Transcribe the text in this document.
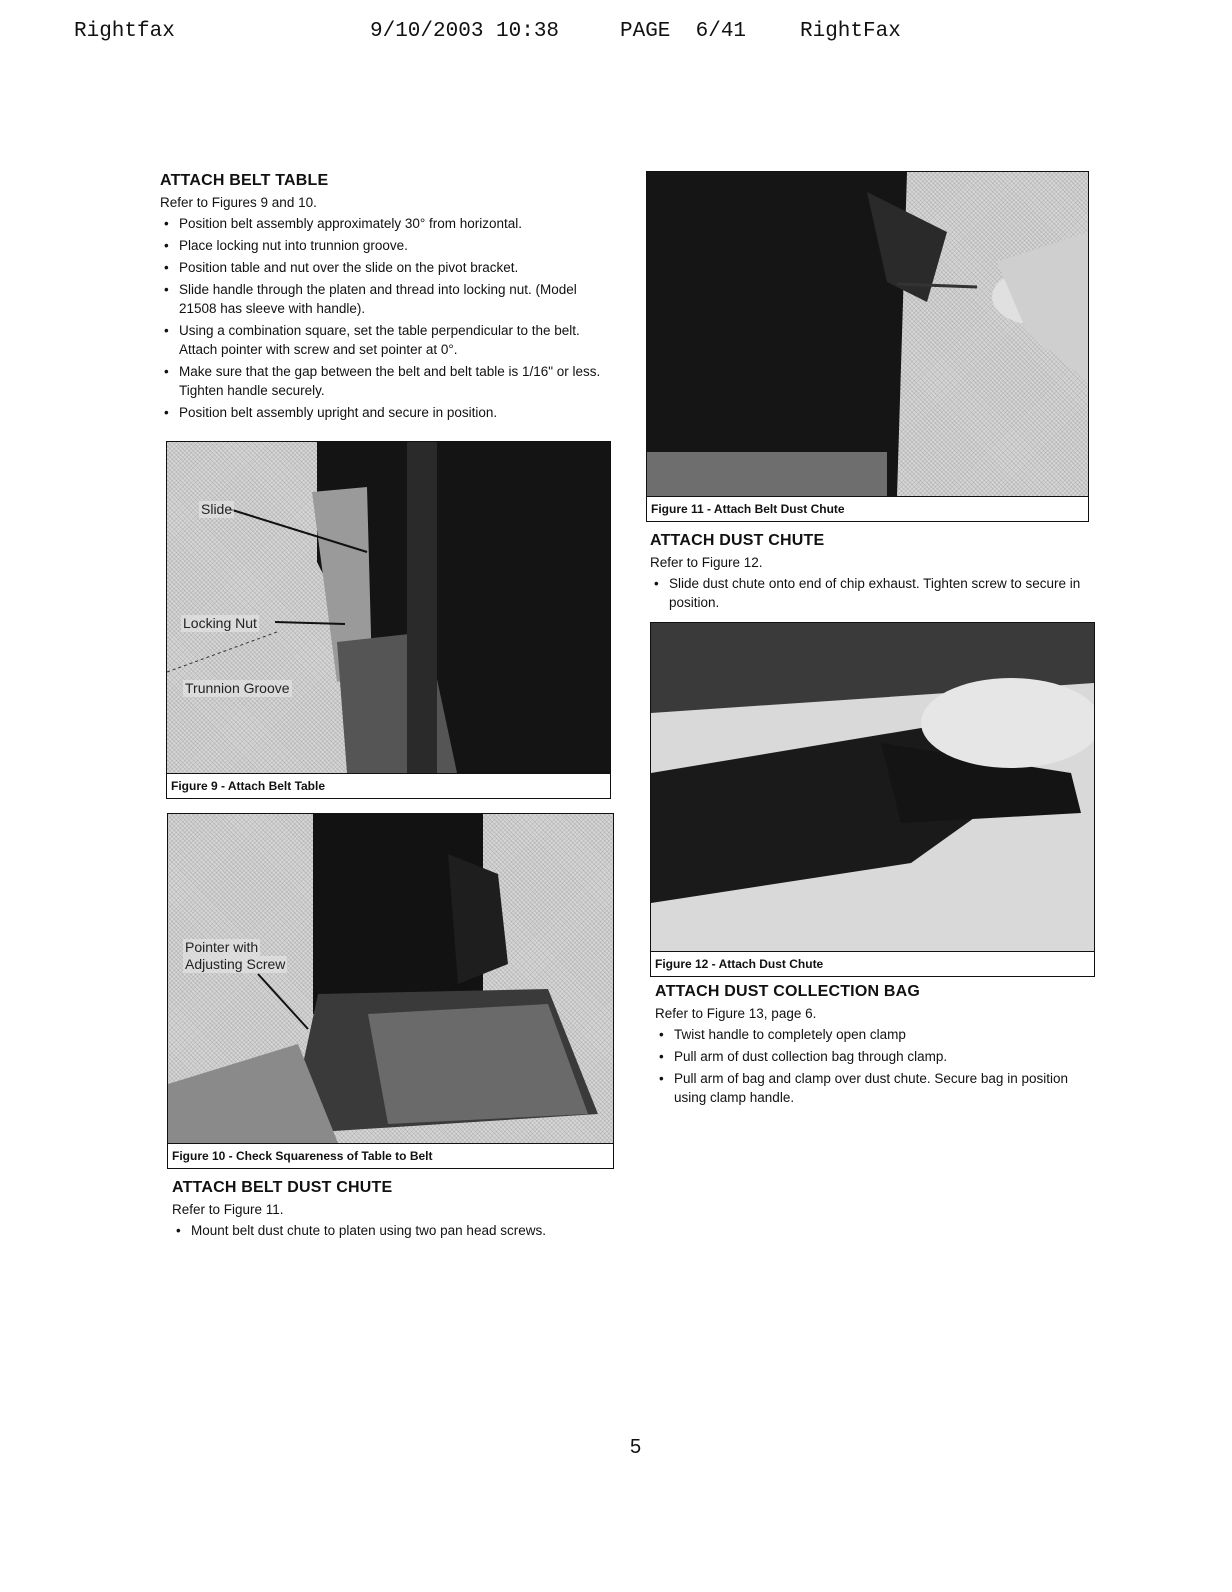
Rightfax	9/10/2003 10:38	PAGE  6/41	RightFax
ATTACH BELT TABLE

Refer to Figures 9 and 10.

• Position belt assembly approximately 30° from horizontal.
• Place locking nut into trunnion groove.
• Position table and nut over the slide on the pivot bracket.
• Slide handle through the platen and thread into locking nut. (Model 21508 has sleeve with handle).
• Using a combination square, set the table perpendicular to the belt. Attach pointer with screw and set pointer at 0°.
• Make sure that the gap between the belt and belt table is 1/16" or less. Tighten handle securely.
• Position belt assembly upright and secure in position.
Slide
Locking Nut
Trunnion Groove
Figure 9 - Attach Belt Table
Pointer with
Adjusting Screw
Figure 10 - Check Squareness of Table to Belt
ATTACH BELT DUST CHUTE

Refer to Figure 11.

• Mount belt dust chute to platen using two pan head screws.
Figure 11 - Attach Belt Dust Chute
ATTACH DUST CHUTE

Refer to Figure 12.

• Slide dust chute onto end of chip exhaust. Tighten screw to secure in position.
Figure 12 - Attach Dust Chute
ATTACH DUST COLLECTION BAG

Refer to Figure 13, page 6.

• Twist handle to completely open clamp
• Pull arm of dust collection bag through clamp.
• Pull arm of bag and clamp over dust chute. Secure bag in position using clamp handle.
5
